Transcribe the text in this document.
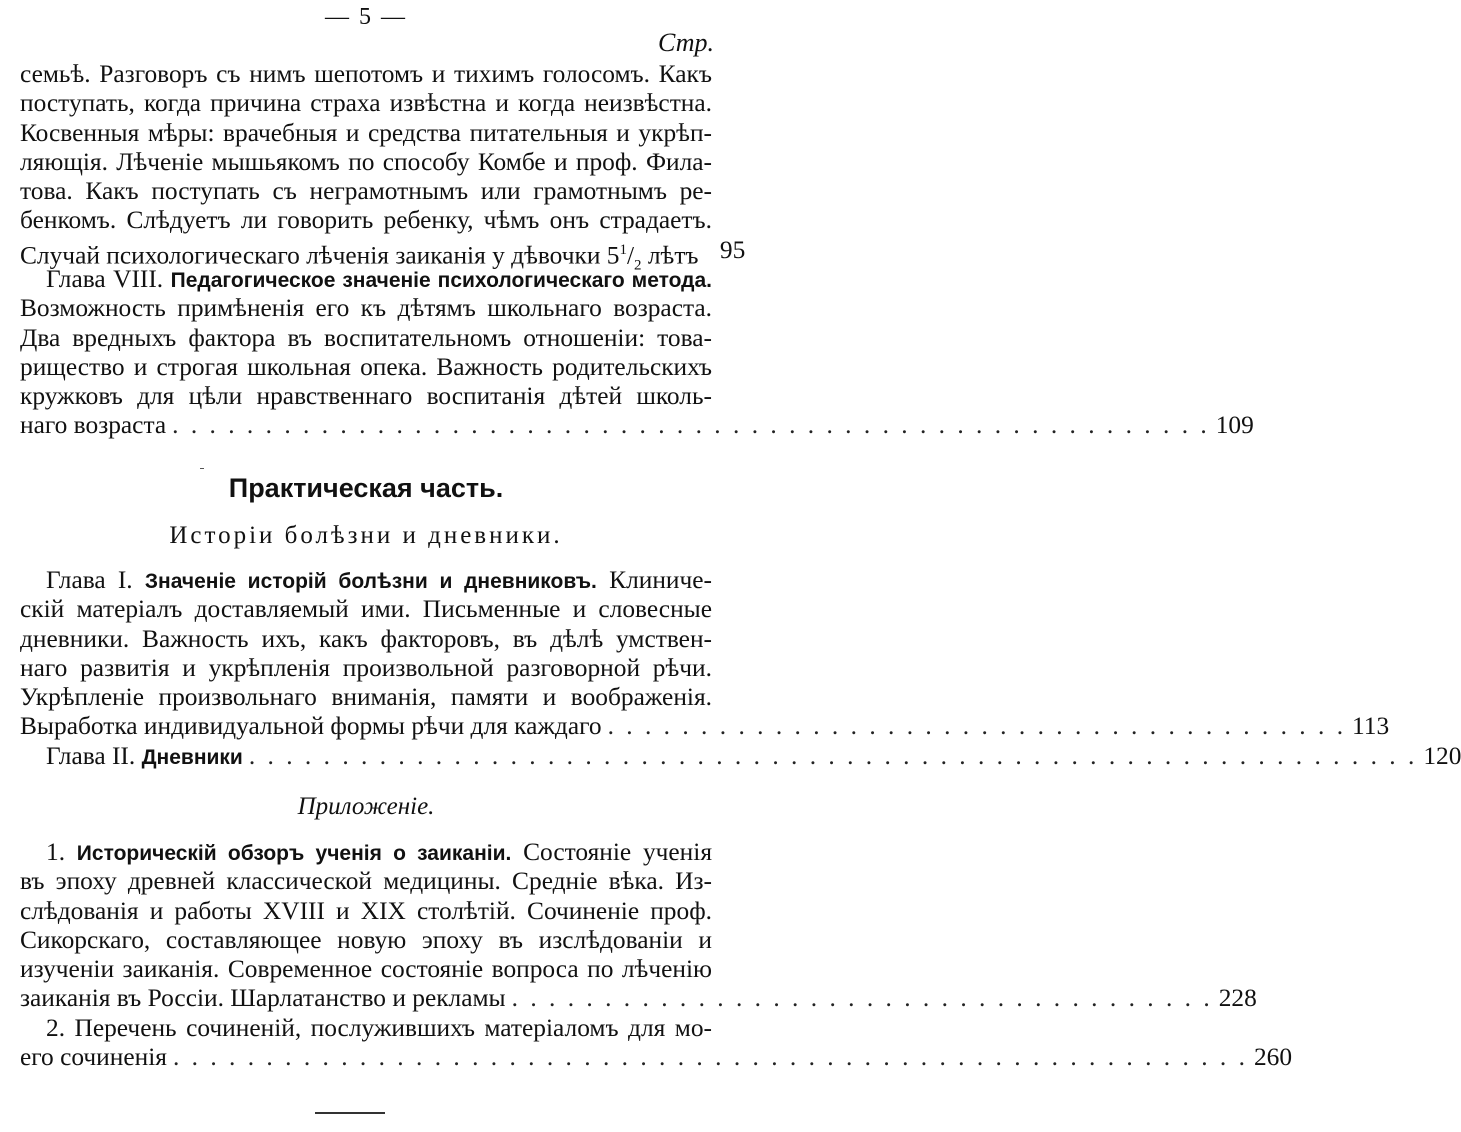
— 5 —
Стр.
семьѣ. Разговоръ съ нимъ шепотомъ и тихимъ голосомъ. Какъ
поступать, когда причина страха извѣстна и когда неизвѣстна.
Косвенныя мѣры: врачебныя и средства питательныя и укрѣп-
ляющія. Лѣченіе мышьякомъ по способу Комбе и проф. Фила-
това. Какъ поступать съ неграмотнымъ или грамотнымъ ре-
бенкомъ. Слѣдуетъ ли говорить ребенку, чѣмъ онъ страдаетъ.
Случай психологическаго лѣченія заиканія у дѣвочки $5^1/_2$ лѣтъ 95
Глава VIII. Педагогическое значеніе психологическаго метода.
Возможность примѣненія его къ дѣтямъ школьнаго возраста.
Два вредныхъ фактора въ воспитательномъ отношеніи: това-
рищество и строгая школьная опека. Важность родительскихъ
кружковъ для цѣли нравственнаго воспитанія дѣтей школь-
наго возраста . . . . . . . . . . . . . . . . . . . . . . . . . . . . . . . . . . . . . . . . . . . . . . . . . . . . . . . . 109
Практическая часть.
Исторіи болѣзни и дневники.
Глава I. Значеніе исторій болѣзни и дневниковъ. Клиниче-
скій матеріалъ доставляемый ими. Письменные и словесные
дневники. Важность ихъ, какъ факторовъ, въ дѣлѣ умствен-
наго развитія и укрѣпленія произвольной разговорной рѣчи.
Укрѣпленіе произвольнаго вниманія, памяти и воображенія.
Выработка индивидуальной формы рѣчи для каждаго . . . . . . . . . . . . . . . . . . . . . . . . . . . . . . . . . . . . . . . . 113
Глава II. Дневники . . . . . . . . . . . . . . . . . . . . . . . . . . . . . . . . . . . . . . . . . . . . . . . . . . . . . . . . . . . . . . . 120
Приложеніе.
1. Историческій обзоръ ученія о заиканіи. Состояніе ученія
въ эпоху древней классической медицины. Средніе вѣка. Из-
слѣдованія и работы XVIII и XIX столѣтій. Сочиненіе проф.
Сикорскаго, составляющее новую эпоху въ изслѣдованіи и
изученіи заиканія. Современное состояніе вопроса по лѣченію
заиканія въ Россіи. Шарлатанство и рекламы . . . . . . . . . . . . . . . . . . . . . . . . . . . . . . . . . . . . . . 228
2. Перечень сочиненій, послужившихъ матеріаломъ для мо-
его сочиненія . . . . . . . . . . . . . . . . . . . . . . . . . . . . . . . . . . . . . . . . . . . . . . . . . . . . . . . . . . 260
